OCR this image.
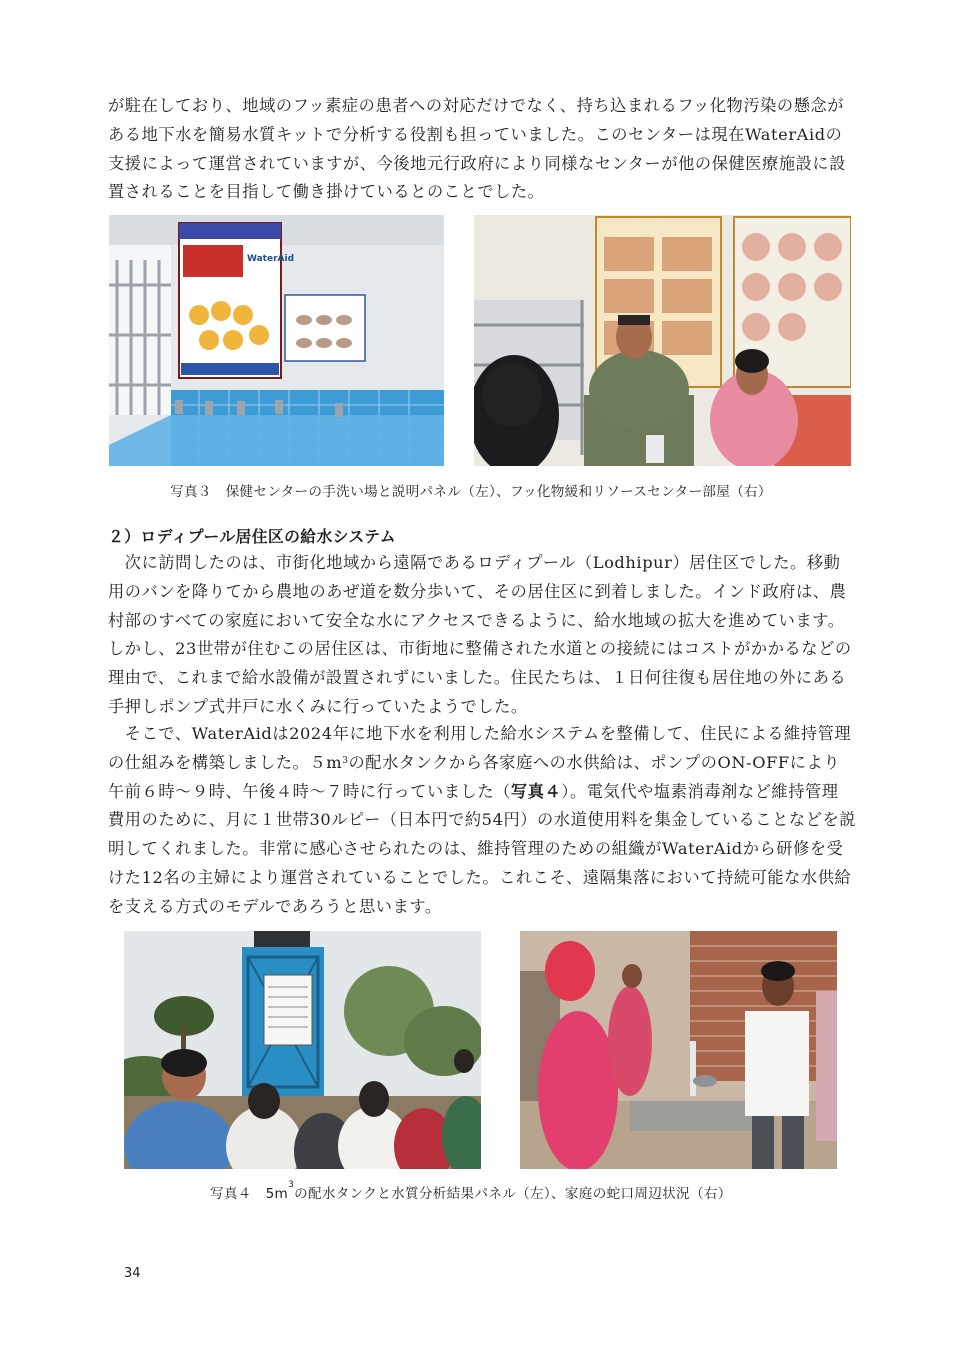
が駐在しており、地域のフッ素症の患者への対応だけでなく、持ち込まれるフッ化物汚染の懸念が
ある地下水を簡易水質キットで分析する役割も担っていました。このセンターは現在WaterAidの
支援によって運営されていますが、今後地元行政府により同様なセンターが他の保健医療施設に設
置されることを目指して働き掛けているとのことでした。
WaterAid
写真３　保健センターの手洗い場と説明パネル（左）、フッ化物緩和リソースセンター部屋（右）
２）ロディプール居住区の給水システム
　次に訪問したのは、市街化地域から遠隔であるロディプール（Lodhipur）居住区でした。移動
用のバンを降りてから農地のあぜ道を数分歩いて、その居住区に到着しました。インド政府は、農
村部のすべての家庭において安全な水にアクセスできるように、給水地域の拡大を進めています。
しかし、23世帯が住むこの居住区は、市街地に整備された水道との接続にはコストがかかるなどの
理由で、これまで給水設備が設置されずにいました。住民たちは、１日何往復も居住地の外にある
手押しポンプ式井戸に水くみに行っていたようでした。
　そこで、WaterAidは2024年に地下水を利用した給水システムを整備して、住民による維持管理
の仕組みを構築しました。$5m^3$の配水タンクから各家庭への水供給は、ポンプのON-OFFにより
午前６時～９時、午後４時～７時に行っていました（写真４）。電気代や塩素消毒剤など維持管理
費用のために、月に１世帯30ルピー（日本円で約54円）の水道使用料を集金していることなどを説
明してくれました。非常に感心させられたのは、維持管理のための組織がWaterAidから研修を受
けた12名の主婦により運営されていることでした。これこそ、遠隔集落において持続可能な水供給
を支える方式のモデルであろうと思います。
写真４　$5m^3$の配水タンクと水質分析結果パネル（左）、家庭の蛇口周辺状況（右）
34
